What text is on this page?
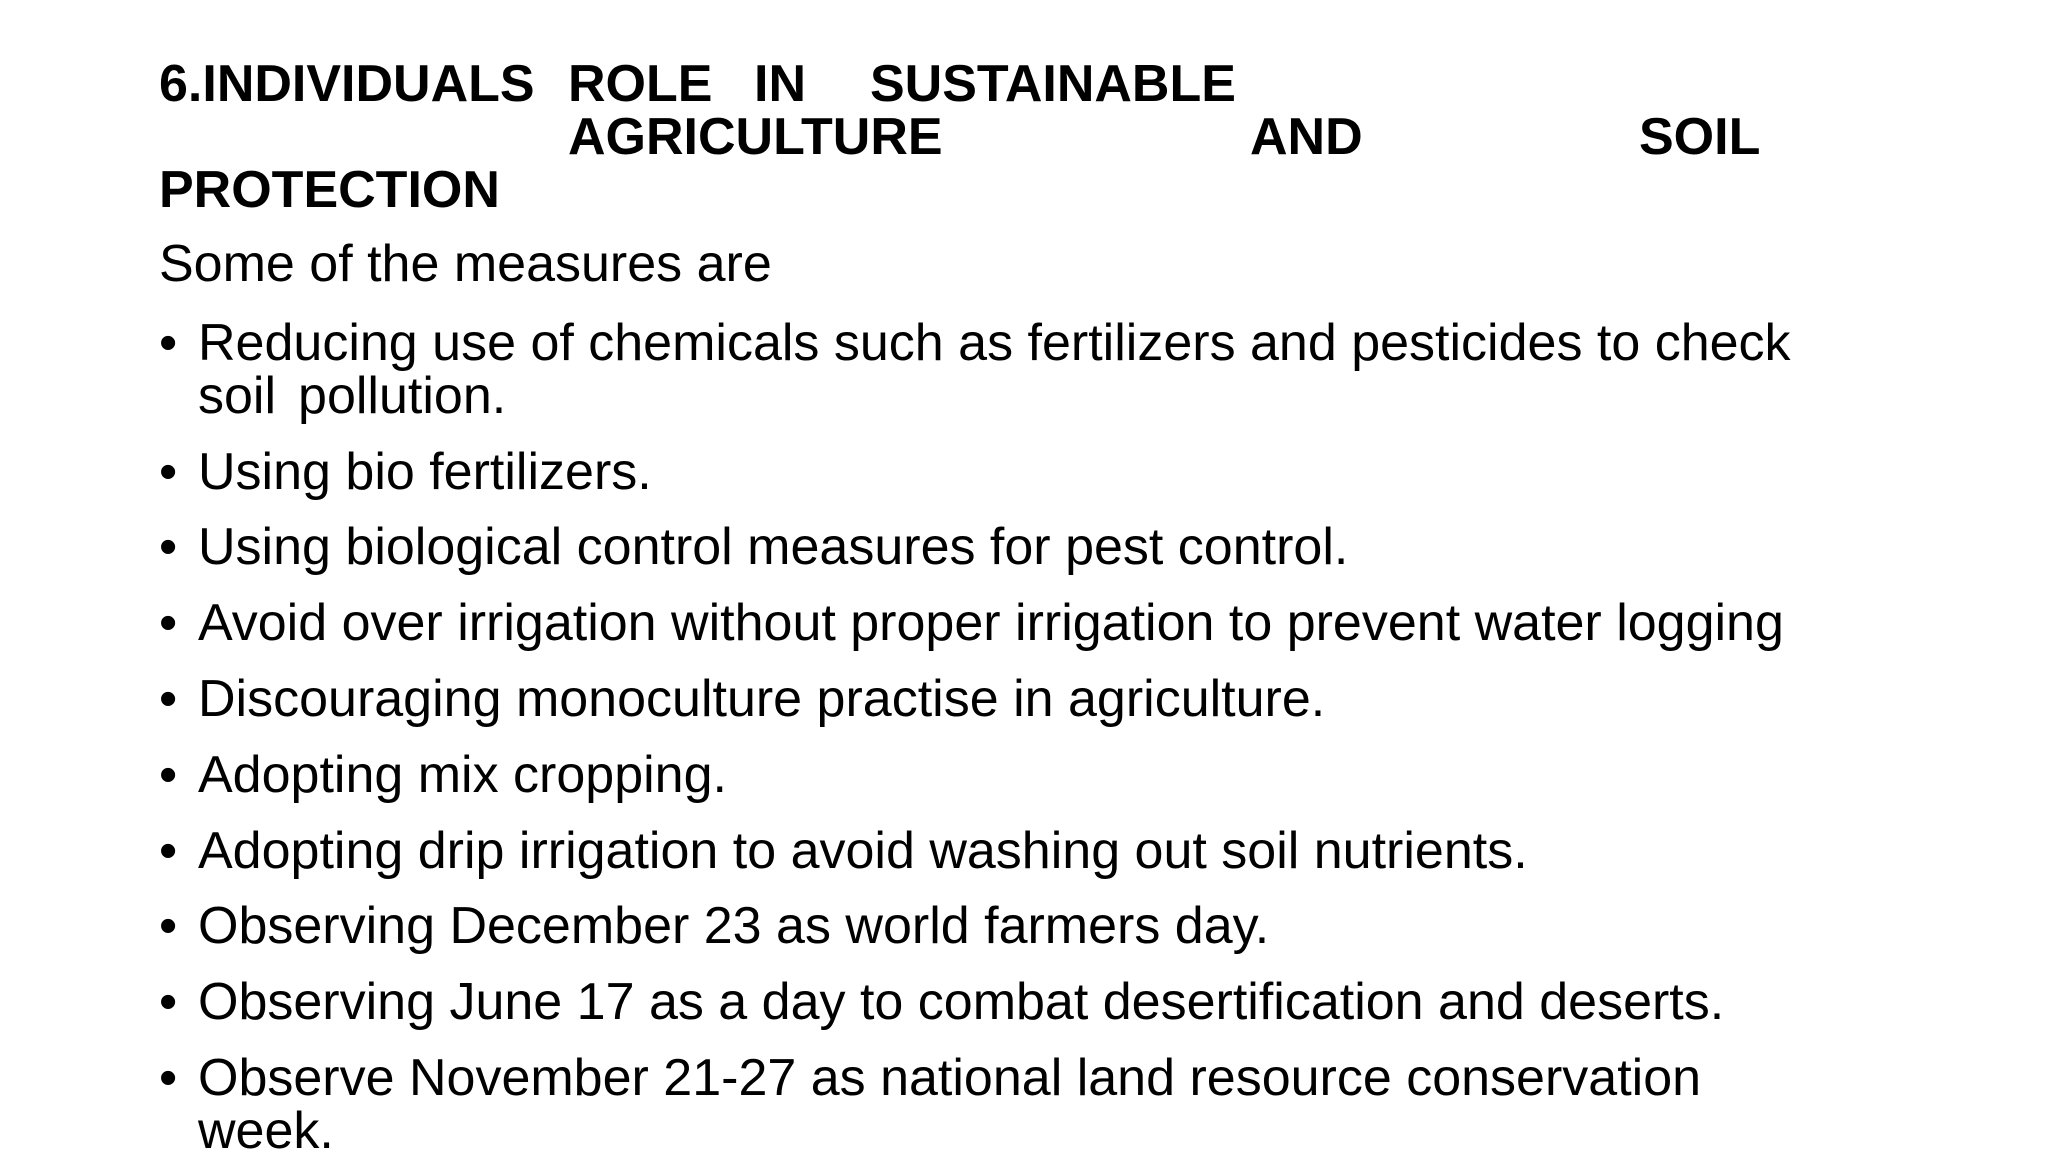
6.INDIVIDUALS ROLE IN SUSTAINABLE
AGRICULTURE	AND	SOIL
PROTECTION
Some of the measures are
• Reducing use of chemicals such as fertilizers and pesticides to check
soil pollution.
• Using bio fertilizers.
• Using biological control measures for pest control.
• Avoid over irrigation without proper irrigation to prevent water logging
• Discouraging monoculture practise in agriculture.
• Adopting mix cropping.
• Adopting drip irrigation to avoid washing out soil nutrients.
• Observing December 23 as world farmers day.
• Observing June 17 as a day to combat desertification and deserts.
• Observe November 21-27 as national land resource conservation
week.
